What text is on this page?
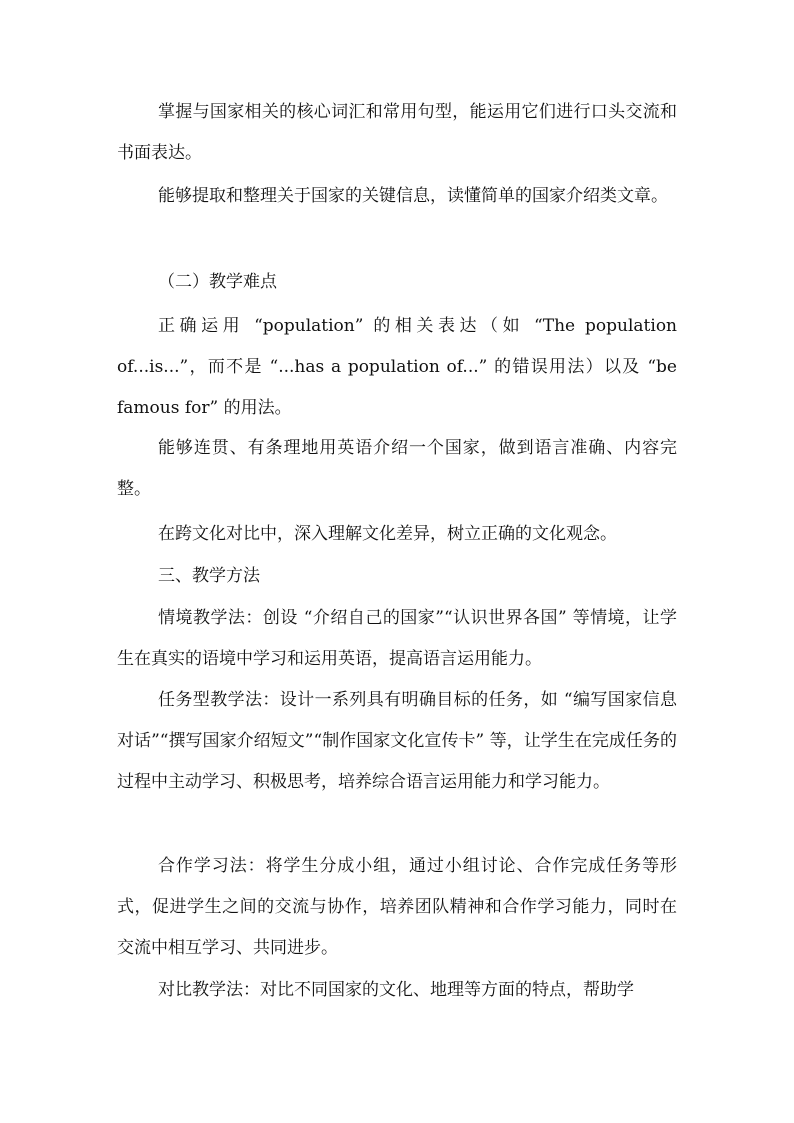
掌握与国家相关的核心词汇和常用句型，能运用它们进行口头交流和书面表达。

能够提取和整理关于国家的关键信息，读懂简单的国家介绍类文章。

（二）教学难点

正确运用 “population” 的相关表达（如 “The population
of...is...”，而不是 “...has a population of...” 的错误用法）以及 “be
famous for” 的用法。

能够连贯、有条理地用英语介绍一个国家，做到语言准确、内容完整。

在跨文化对比中，深入理解文化差异，树立正确的文化观念。

三、教学方法

情境教学法：创设 “介绍自己的国家”“认识世界各国” 等情境，让学生在真实的语境中学习和运用英语，提高语言运用能力。

任务型教学法：设计一系列具有明确目标的任务，如 “编写国家信息对话”“撰写国家介绍短文”“制作国家文化宣传卡” 等，让学生在完成任务的过程中主动学习、积极思考，培养综合语言运用能力和学习能力。

合作学习法：将学生分成小组，通过小组讨论、合作完成任务等形式，促进学生之间的交流与协作，培养团队精神和合作学习能力，同时在交流中相互学习、共同进步。

对比教学法：对比不同国家的文化、地理等方面的特点，帮助学
